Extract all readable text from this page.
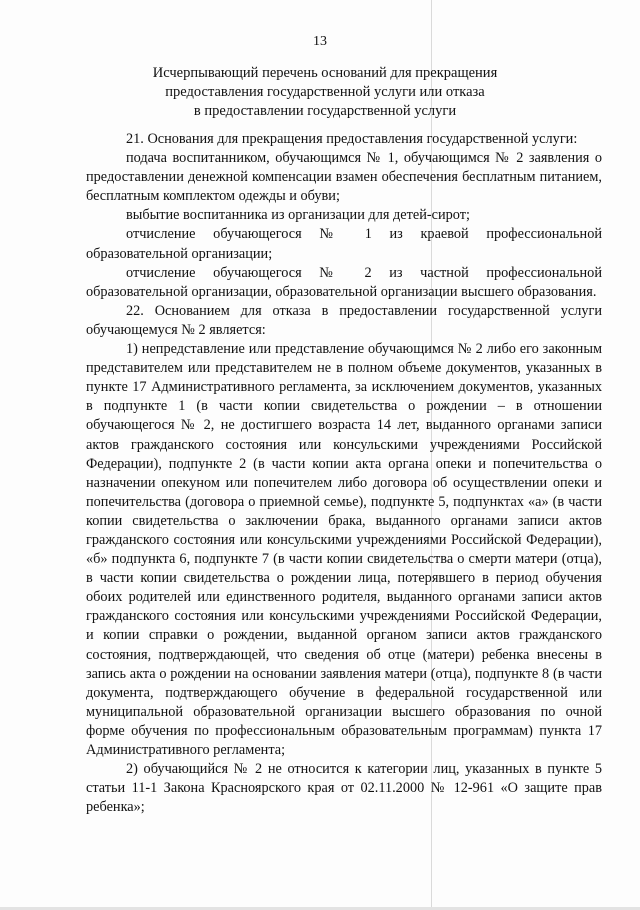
13
Исчерпывающий перечень оснований для прекращения
предоставления государственной услуги или отказа
в предоставлении государственной услуги

21. Основания для прекращения предоставления государственной услуги:

подача воспитанником, обучающимся № 1, обучающимся № 2 заявления о предоставлении денежной компенсации взамен обеспечения бесплатным питанием, бесплатным комплектом одежды и обуви;

выбытие воспитанника из организации для детей-сирот;

отчисление обучающегося № 1 из краевой профессиональной образовательной организации;

отчисление обучающегося № 2 из частной профессиональной образовательной организации, образовательной организации высшего образования.

22. Основанием для отказа в предоставлении государственной услуги обучающемуся № 2 является:

1) непредставление или представление обучающимся № 2 либо его законным представителем или представителем не в полном объеме документов, указанных в пункте 17 Административного регламента, за исключением документов, указанных в подпункте 1 (в части копии свидетельства о рождении – в отношении обучающегося № 2, не достигшего возраста 14 лет, выданного органами записи актов гражданского состояния или консульскими учреждениями Российской Федерации), подпункте 2 (в части копии акта органа опеки и попечительства о назначении опекуном или попечителем либо договора об осуществлении опеки и попечительства (договора о приемной семье), подпункте 5, подпунктах «а» (в части копии свидетельства о заключении брака, выданного органами записи актов гражданского состояния или консульскими учреждениями Российской Федерации), «б» подпункта 6, подпункте 7 (в части копии свидетельства о смерти матери (отца), в части копии свидетельства о рождении лица, потерявшего в период обучения обоих родителей или единственного родителя, выданного органами записи актов гражданского состояния или консульскими учреждениями Российской Федерации, и копии справки о рождении, выданной органом записи актов гражданского состояния, подтверждающей, что сведения об отце (матери) ребенка внесены в запись акта о рождении на основании заявления матери (отца), подпункте 8 (в части документа, подтверждающего обучение в федеральной государственной или муниципальной образовательной организации высшего образования по очной форме обучения по профессиональным образовательным программам) пункта 17 Административного регламента;

2) обучающийся № 2 не относится к категории лиц, указанных в пункте 5 статьи 11-1 Закона Красноярского края от 02.11.2000 № 12-961 «О защите прав ребенка»;
